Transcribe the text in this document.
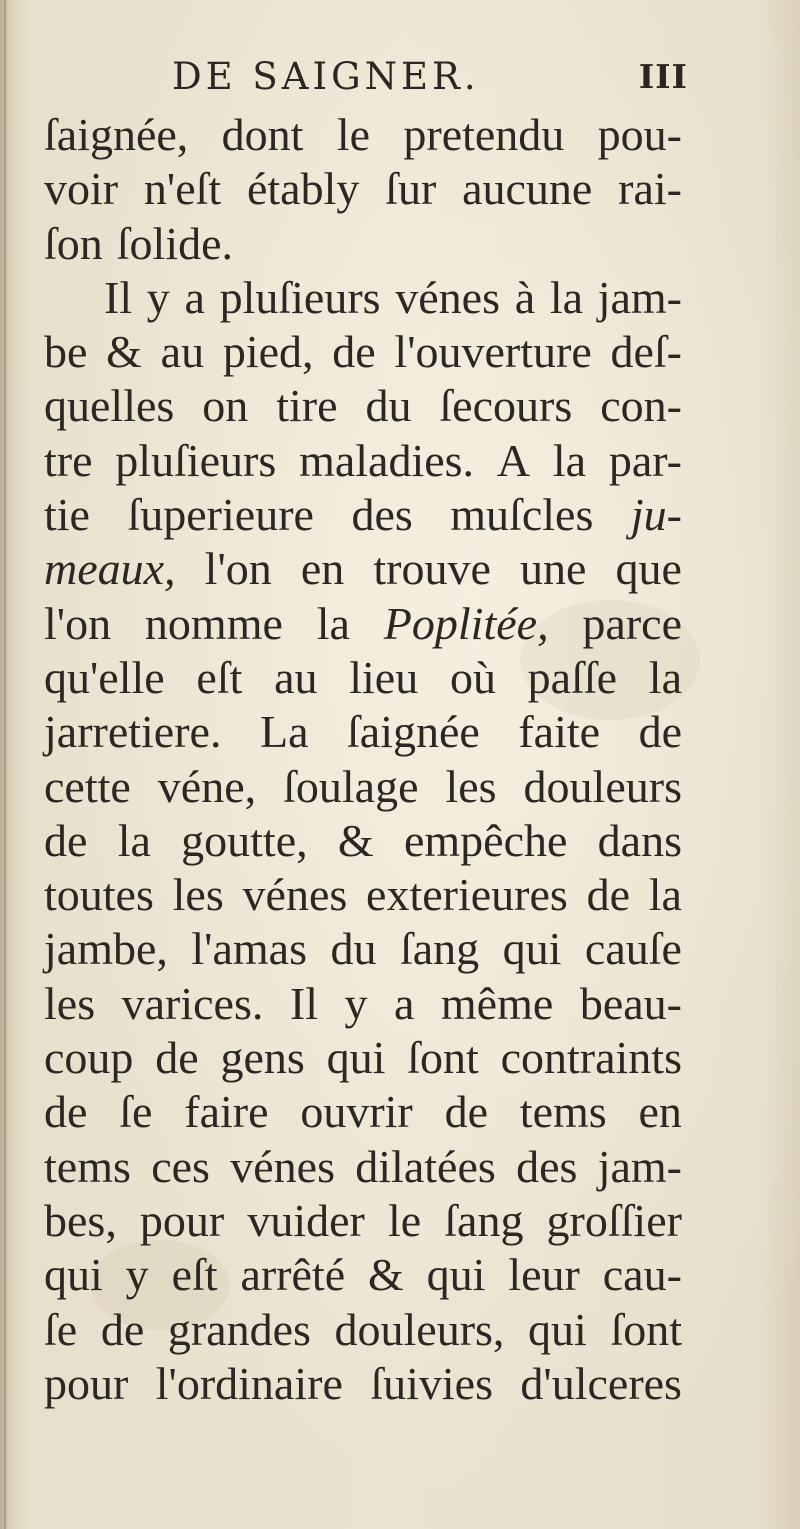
DE SAIGNER.	III
ſaignée, dont le pretendu pou-
voir n'eſt étably ſur aucune rai-
ſon ſolide.
Il y a pluſieurs vénes à la jam-
be & au pied, de l'ouverture deſ-
quelles on tire du ſecours con-
tre pluſieurs maladies. A la par-
tie ſuperieure des muſcles ju-
meaux, l'on en trouve une que
l'on nomme la Poplitée, parce
qu'elle eſt au lieu où paſſe la
jarretiere. La ſaignée faite de
cette véne, ſoulage les douleurs
de la goutte, & empêche dans
toutes les vénes exterieures de la
jambe, l'amas du ſang qui cauſe
les varices. Il y a même beau-
coup de gens qui ſont contraints
de ſe faire ouvrir de tems en
tems ces vénes dilatées des jam-
bes, pour vuider le ſang groſſier
qui y eſt arrêté & qui leur cau-
ſe de grandes douleurs, qui ſont
pour l'ordinaire ſuivies d'ulceres
